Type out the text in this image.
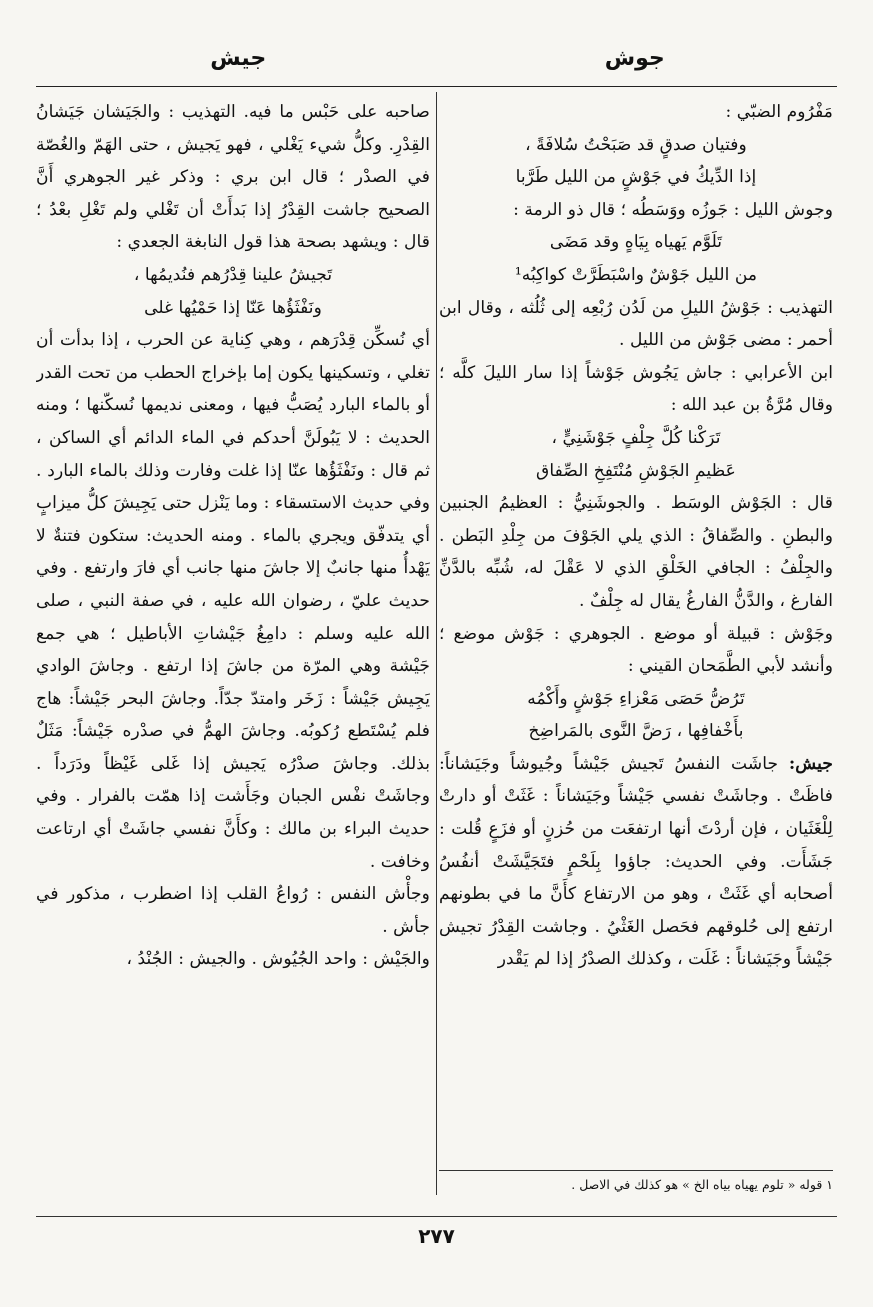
جيش	جوش

مَفْرُوم الضبّي :

وفتيان صدقٍ قد صَبَحْتُ سُلافَةً ،

إذا الدِّيكُ في جَوْشٍ من الليل طَرَّبا

وجوش الليل : جَوزُه ووَسَطُه ؛ قال ذو الرمة :

تَلَوَّم يَهياه بِيَاهٍ وقد مَضَى

من الليل جَوْشٌ واسْبَطَرَّتْ كواكِبُه¹

التهذيب : جَوْشُ الليلِ من لَدُن رُبْعِه إلى ثُلُثه ، وقال ابن أحمر : مضى جَوْش من الليل .

ابن الأعرابي : جاش يَجُوش جَوْشاً إذا سار الليلَ كلَّه ؛ وقال مُرَّةُ بن عبد الله :

تَرَكْنا كُلَّ جِلْفٍ جَوْشَنِيٍّ ،

عَظيمِ الجَوْشِ مُنْتَفِخِ الصِّفاق

قال : الجَوْش الوسَط . والجوشَنِيُّ : العظيمُ الجنبين والبطنِ . والصِّفاقُ : الذي يلي الجَوْفَ من جِلْدِ البَطن . والجِلْفُ : الجافي الخَلْقِ الذي لا عَقْلَ له، شُبِّه بالدَّنِّ الفارغ ، والدَّنُّ الفارغُ يقال له جِلْفٌ .

وجَوْش : قبيلة أو موضع . الجوهري : جَوْش موضع ؛ وأنشد لأبي الطَّمَحان القيني :

تَرُضُّ حَصَى مَعْزاءِ جَوْشٍ وأَكْمُه

بأَخْفافِها ، رَضَّ النَّوى بالمَراضِخ

جيش: جاشَت النفسُ تَجيش جَيْشاً وجُيوشاً وجَيَشاناً: فاظَتْ . وجاشَتْ نفسي جَيْشاً وجَيَشاناً : غَثَتْ أو دارتْ لِلْغَثَيان ، فإن أردْتَ أنها ارتفعَت من حُزنٍ أو فزَعٍ قُلت : جَشَأَت. وفي الحديث: جاؤوا بِلَحْمٍ فتَجَيَّشَتْ أنفُسُ أصحابه أي غَثَتْ ، وهو من الارتفاع كأَنَّ ما في بطونهم ارتفع إلى حُلوقهم فحَصل الغَثْيُ . وجاشت القِدْرُ تجيش جَيْشاً وجَيَشاناً : غَلَت ، وكذلك الصدْرُ إذا لم يَقْدر

صاحبه على حَبْس ما فيه. التهذيب : والجَيَشان جَيَشانُ القِدْرِ. وكلُّ شيء يَغْلي ، فهو يَجيش ، حتى الهَمّ والغُصّة في الصدْر ؛ قال ابن بري : وذكر غير الجوهري أَنَّ الصحيح جاشت القِدْرُ إذا بَدأَتْ أن تَغْلي ولم تَغْلِ بعْدُ ؛ قال : ويشهد بصحة هذا قول النابغة الجعدي :

تَجيشُ علينا قِدْرُهم فنُديمُها ،

ونَفْثَؤُها عَنّا إذا حَمْيُها غلى

أي نُسكِّن قِدْرَهم ، وهي كِناية عن الحرب ، إذا بدأت أن تغلي ، وتسكينها يكون إما بإخراج الحطب من تحت القدر أو بالماء البارد يُصَبُّ فيها ، ومعنى نديمها نُسكّنها ؛ ومنه الحديث : لا يَبُولَنَّ أحدكم في الماء الدائم أي الساكن ، ثم قال : ونَفْثَؤُها عنّا إذا غلت وفارت وذلك بالماء البارد . وفي حديث الاستسقاء : وما يَنْزل حتى يَجِيشَ كلُّ ميزابٍ أي يتدفّق ويجري بالماء . ومنه الحديث: ستكون فتنةٌ لا يَهْدأُ منها جانبٌ إلا جاشَ منها جانب أي فارَ وارتفع . وفي حديث عليّ ، رضوان الله عليه ، في صفة النبي ، صلى الله عليه وسلم : دامِغُ جَيْشاتِ الأباطيل ؛ هي جمع جَيْشة وهي المرّة من جاشَ إذا ارتفع . وجاشَ الوادي يَجِيش جَيْشاً : زَخَر وامتدّ جدّاً. وجاشَ البحر جَيْشاً: هاج فلم يُسْتَطع رُكوبُه. وجاشَ الهمُّ في صدْره جَيْشاً: مَثَلٌ بذلك. وجاشَ صدْرُه يَجيش إذا غَلى غَيْظاً ودَرَداً . وجاشَتْ نفْس الجبان وجَأَشت إذا همّت بالفرار . وفي حديث البراء بن مالك : وكأَنَّ نفسي جاشَتْ أي ارتاعت وخافت .

وجأْش النفس : رُواعُ القلب إذا اضطرب ، مذكور في جأش .

والجَيْش : واحد الجُيُوش . والجيش : الجُنْدُ ،

١ قوله « تلوم يهياه بياه الخ » هو كذلك في الاصل .
٢٧٧
